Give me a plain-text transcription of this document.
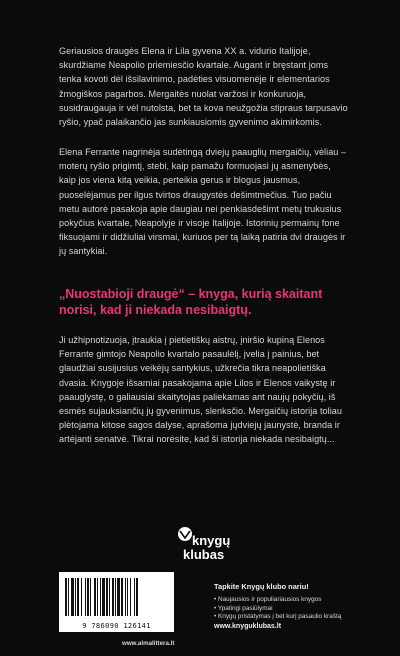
Geriausios draugės Elena ir Lila gyvena XX a. vidurio Italijoje, skurdžiame Neapolio priemiesčio kvartale. Augant ir bręstant joms tenka kovoti dėl išsilavinimo, padėties visuomenėje ir elementarios žmogiškos pagarbos. Mergaitės nuolat varžosi ir konkuruoja, susidraugauja ir vėl nutolsta, bet ta kova neužgožia stipraus tarpusavio ryšio, ypač palaikančio jas sunkiausiomis gyvenimo akimirkomis.

Elena Ferrante nagrinėja sudėtingą dviejų paauglių mergaičių, vėliau – moterų ryšio prigimtį, stebi, kaip pamažu formuojasi jų asmenybės, kaip jos viena kitą veikia, perteikia gerus ir blogus jausmus, puoselėjamus per ilgus tvirtos draugystės dešimtmečius. Tuo pačiu metu autorė pasakoja apie daugiau nei penkiasdešimt metų trukusius pokyčius kvartale, Neapolyje ir visoje Italijoje. Istorinių permainų fone fiksuojami ir didžiuliai virsmai, kuriuos per tą laiką patiria dvi draugės ir jų santykiai.

„Nuostabioji draugė“ – knyga, kurią skaitant norisi, kad ji niekada nesibaigtų.

Ji užhipnotizuoja, įtraukia į pietietiškų aistrų, įniršio kupiną Elenos Ferrante gimtojo Neapolio kvartalo pasaulėlį, įvelia į painius, bet glaudžiai susijusius veikėjų santykius, užkrečia tikra neapolietiška dvasia. Knygoje išsamiai pasakojama apie Lilos ir Elenos vaikystę ir paauglystę, o galiausiai skaitytojas paliekamas ant naujų pokyčių, iš esmės sujauksiančių jų gyvenimus, slenksčio. Mergaičių istorija toliau plėtojama kitose sagos dalyse, aprašoma jųdviejų jaunystė, branda ir artėjanti senatvė. Tikrai norėsite, kad ši istorija niekada nesibaigtų...

knygų
klubas
9 786090 126141
www.almalittera.lt

Tapkite Knygų klubo nariu!

• Naujausios ir populiariausios knygos
• Ypatingi pasiūlymai
• Knygų pristatymas į bet kurį pasaulio kraštą
www.knyguklubas.lt
